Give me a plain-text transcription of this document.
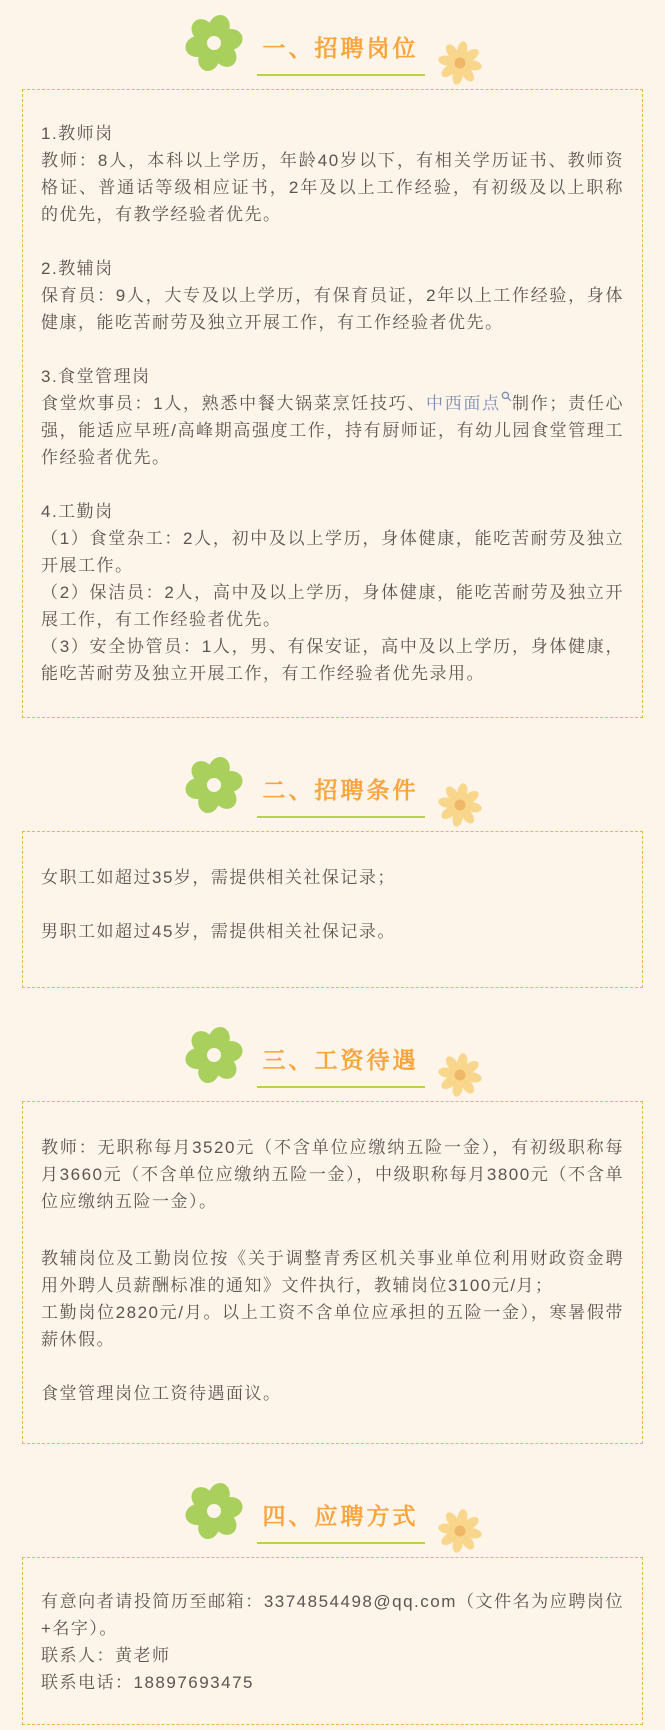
一、招聘岗位

1.教师岗

教师：8人，本科以上学历，年龄40岁以下，有相关学历证书、教师资格证、普通话等级相应证书，2年及以上工作经验，有初级及以上职称的优先，有教学经验者优先。

2.教辅岗

保育员：9人，大专及以上学历，有保育员证，2年以上工作经验，身体健康，能吃苦耐劳及独立开展工作，有工作经验者优先。

3.食堂管理岗

食堂炊事员：1人，熟悉中餐大锅菜烹饪技巧、中西面点 制作；责任心强，能适应早班/高峰期高强度工作，持有厨师证，有幼儿园食堂管理工作经验者优先。

4.工勤岗

（1）食堂杂工：2人，初中及以上学历，身体健康，能吃苦耐劳及独立开展工作。

（2）保洁员：2人，高中及以上学历，身体健康，能吃苦耐劳及独立开展工作，有工作经验者优先。

（3）安全协管员：1人，男、有保安证，高中及以上学历，身体健康，能吃苦耐劳及独立开展工作，有工作经验者优先录用。

二、招聘条件

女职工如超过35岁，需提供相关社保记录；

男职工如超过45岁，需提供相关社保记录。

三、工资待遇

教师：无职称每月3520元（不含单位应缴纳五险一金），有初级职称每月3660元（不含单位应缴纳五险一金），中级职称每月3800元（不含单位应缴纳五险一金）。

教辅岗位及工勤岗位按《关于调整青秀区机关事业单位利用财政资金聘用外聘人员薪酬标准的通知》文件执行，教辅岗位3100元/月；
工勤岗位2820元/月。以上工资不含单位应承担的五险一金），寒暑假带薪休假。

食堂管理岗位工资待遇面议。

四、应聘方式

有意向者请投简历至邮箱：3374854498@qq.com（文件名为应聘岗位+名字）。

联系人：黄老师

联系电话：18897693475
